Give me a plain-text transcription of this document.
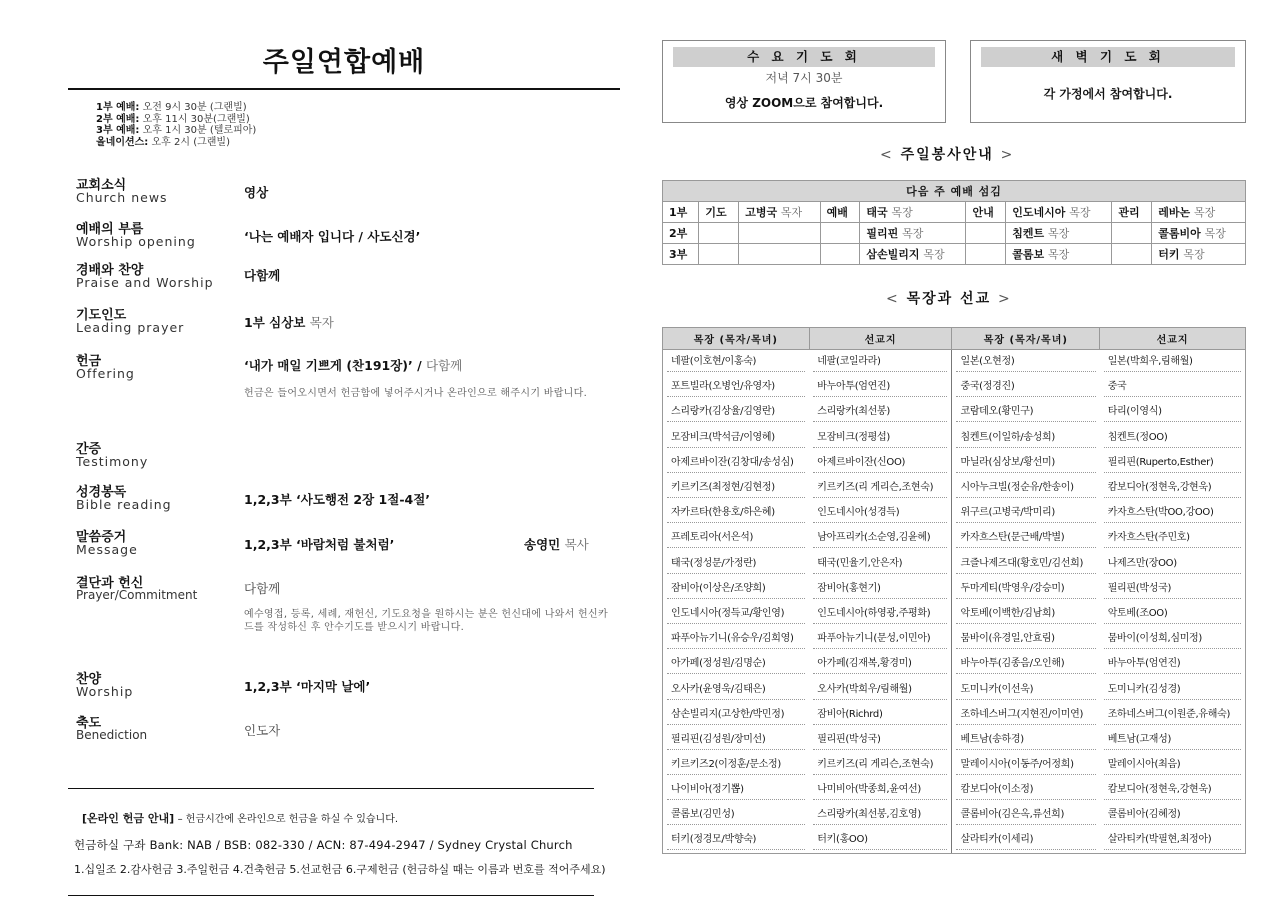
주일연합예배
1부 예배: 오전 9시 30분 (그랜빌)
2부 예배: 오후 11시 30분(그랜빌)
3부 예배: 오후 1시 30분 (텔로피아)
올네이션스: 오후 2시 (그랜빌)
교회소식
Church news	영상
예배의 부름
Worship opening	‘나는 예배자 입니다 / 사도신경’
경배와 찬양
Praise and Worship 다함께
기도인도
Leading prayer	1부 심상보 목자
헌금
Offering
‘내가 매일 기쁘게 (찬191장)’ / 다함께
헌금은 들어오시면서 헌금함에 넣어주시거나 온라인으로 해주시기 바랍니다.
간증
Testimony
성경봉독
Bible reading	1,2,3부 ‘사도행전 2장 1절-4절’
말씀증거
Message	1,2,3부 ‘바람처럼 불처럼’	송영민 목사
결단과 헌신
Prayer/Commitment	다함께
예수영접, 등록, 세례, 재헌신, 기도요청을 원하시는 분은 헌신대에 나와서 헌신카드를 작성하신 후 안수기도를 받으시기 바랍니다.
찬양
Worship	1,2,3부 ‘마지막 날에’
축도
Benediction	인도자
[온라인 헌금 안내] – 헌금시간에 온라인으로 헌금을 하실 수 있습니다.
헌금하실 구좌 Bank: NAB / BSB: 082-330 / ACN: 87-494-2947 / Sydney Crystal Church
1.십일조 2.감사헌금 3.주일헌금 4.건축헌금 5.선교헌금 6.구제헌금 (헌금하실 때는 이름과 번호를 적어주세요)
수 요 기 도 회
저녁 7시 30분
영상 ZOOM으로 참여합니다.
새 벽 기 도 회
각 가정에서 참여합니다.
< 주일봉사안내 >
다음 주 예배 섬김								
1부	기도	고병국 목자	예배	태국 목장	안내	인도네시아 목장	관리	레바논 목장
2부				필리핀 목장		침켄트 목장		콜롬비아 목장
3부				삼손빌리지 목장		콜롬보 목장		터키 목장
< 목장과 선교 >
목장 (목자/목녀)	선교지	목장 (목자/목녀)	선교지

네팔(이호현/이홍숙)	네팔(코일라라)	일본(오현정)	일본(박희우,림해월)

포트빌라(오병언/유영자)	바누아투(엄연진)	중국(정경진)	중국

스리랑카(김상율/김영란)	스리랑카(최선봉)	코람데오(황민구)	타리(이영식)

모잠비크(박석금/이영혜)	모잠비크(정평섭)	침켄트(이일하/송성희)	침켄트(정OO)

아제르바이잔(김창대/송성심)	아제르바이잔(신OO)	마닐라(심상보/황선미)	필리핀(Ruperto,Esther)

키르키즈(최정현/김현정)	키르키즈(리 게리슨,조현숙)	시아누크빌(정순유/한송이)	캄보디아(정현욱,강현욱)

자카르타(한용호/하은혜)	인도네시아(성경득)	위구르(고병국/박미리)	카자흐스탄(박OO,강OO)

프레토리아(서은석)	남아프리카(소순영,김윤혜)	카자흐스탄(문근배/박별)	카자흐스탄(주민호)

태국(정성문/가정란)	태국(민율기,안은자)	크즐나제즈대(황호민/김선희)	나제즈만(장OO)

잠비아(이상은/조양희)	잠비아(홍현기)	두마게티(박영우/강승미)	필리핀(박성국)

인도네시아(정득교/황인영)	인도네시아(하영광,주평화)	악토베(이백한/김남희)	악토베(조OO)

파푸아뉴기니(유승우/김희영)	파푸아뉴기니(문성,이민아)	뭄바이(유경일,안효림)	뭄바이(이성희,심미정)

아가페(정성원/김명순)	아가페(김재복,황경미)	바누아투(김종음/오인해)	바누아투(엄연진)

오사카(윤영욱/김태은)	오사카(박희우/림해월)	도미니카(이선욱)	도미니카(김성경)

삼손빌리지(고상한/박민정)	잠비아(Richrd)	조하네스버그(지현진/이미연)	조하네스버그(이원준,유해숙)

필리핀(김성원/장미선)	필리핀(박성국)	베트남(송하경)	베트남(고재성)

키르키즈2(이정훈/문소정)	키르키즈(리 게리슨,조현숙)	말레이시아(이동주/어정희)	말레이시아(최음)

나이비아(정기뽑)	나미비아(박종희,윤여선)	캄보디아(이소정)	캄보디아(정현욱,강현욱)

콜롬보(김민성)	스리랑카(최선봉,김호영)	콜롬비아(김은옥,류선희)	콜롬비아(김혜정)

터키(정경모/박향숙)	터키(홍OO)	살라티카(이세리)	살라티카(박필현,최정아)
